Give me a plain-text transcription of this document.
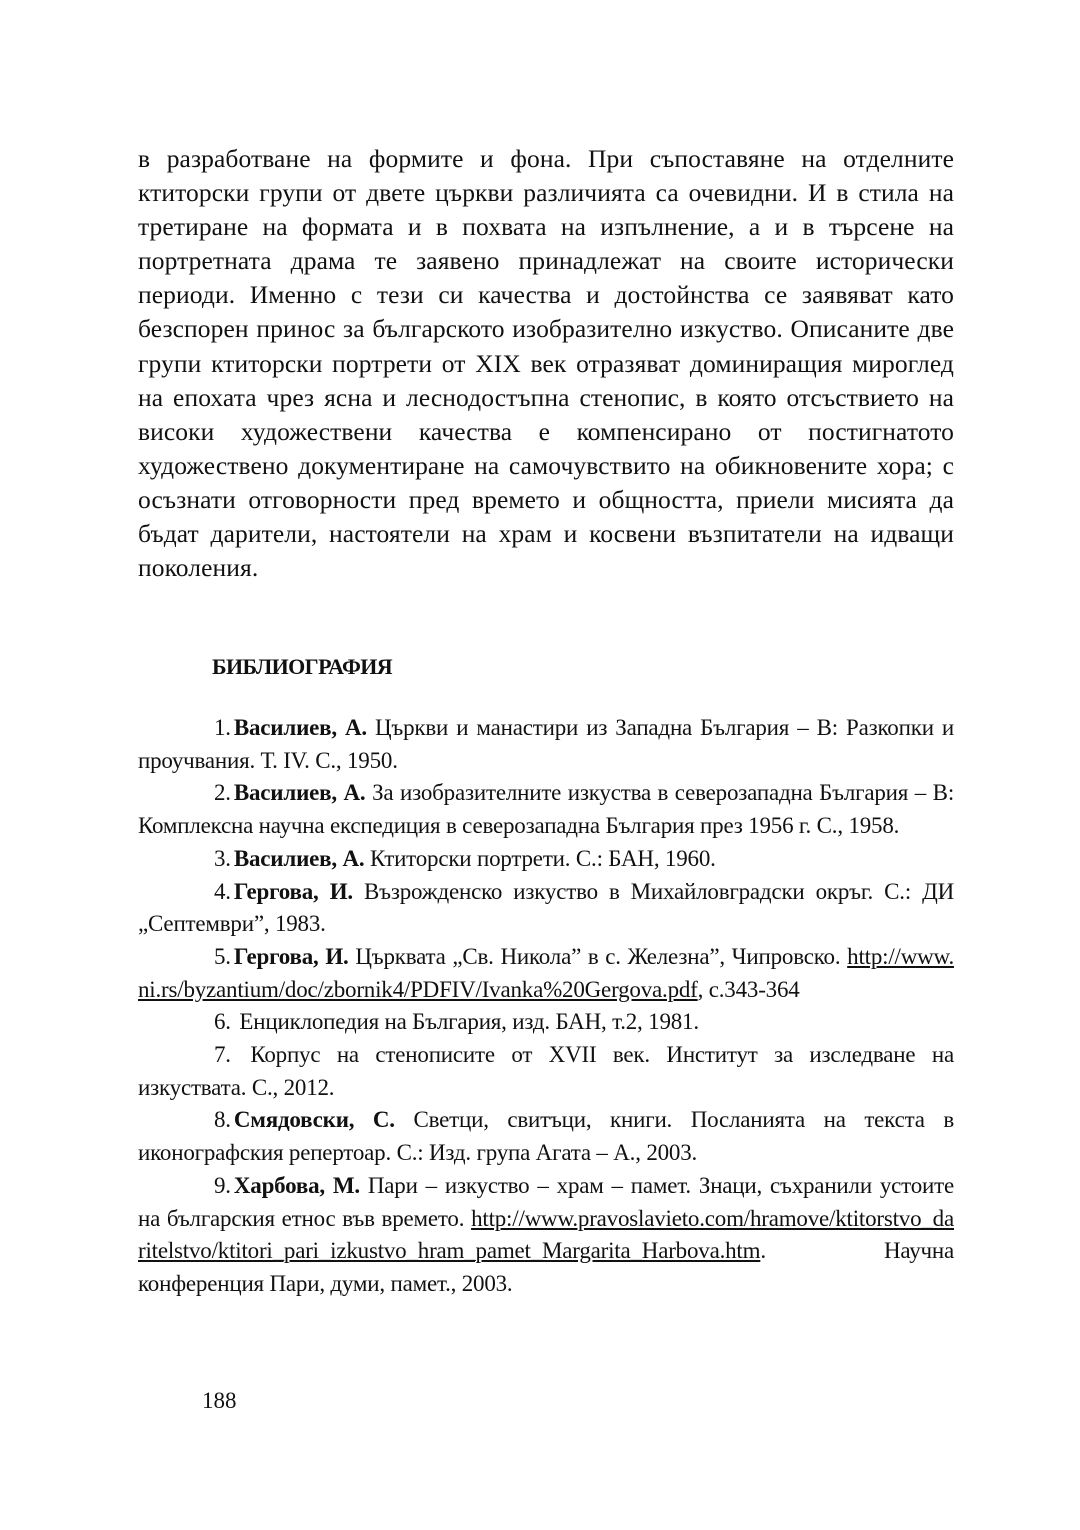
в разработване на формите и фона. При съпоставяне на отделните ктиторски групи от двете църкви различията са очевидни. И в стила на третиране на формата и в похвата на изпълнение, а и в търсене на портретната драма те заявено принадлежат на своите исторически периоди. Именно с тези си качества и достойнства се заявяват като безспорен принос за българското изобразително изкуство. Описаните две групи ктиторски портрети от XIX век отразяват доминиращия мироглед на епохата чрез ясна и леснодостъпна стенопис, в която отсъствието на високи художествени качества е компенсирано от постигнатото художествено документиране на самочувствито на обикновените хора; с осъзнати отговорности пред времето и общността, приели мисията да бъдат дарители, настоятели на храм и косвени възпитатели на идващи поколения.

БИБЛИОГРАФИЯ
1. Василиев, А. Църкви и манастири из Западна България – В: Разкопки и проучвания. Т. IV. С., 1950.
2. Василиев, А. За изобразителните изкуства в северозападна България – В: Комплексна научна експедиция в северозападна България през 1956 г. С., 1958.
3. Василиев, А. Ктиторски портрети. С.: БАН, 1960.
4. Гергова, И. Възрожденско изкуство в Михайловградски окръг. С.: ДИ „Септември”, 1983.
5. Гергова, И. Църквата „Св. Никола” в с. Железна”, Чипровско. http://www.ni.rs/byzantium/doc/zbornik4/PDFIV/Ivanka%20Gergova.pdf, с.343-364
6. Енциклопедия на България, изд. БАН, т.2, 1981.
7. Корпус на стенописите от XVII век. Институт за изследване на изкуствата. С., 2012.
8. Смядовски, С. Светци, свитъци, книги. Посланията на текста в иконографския репертоар. С.: Изд. група Агата – А., 2003.
9. Харбова, М. Пари – изкуство – храм – памет. Знаци, съхранили устоите на българския етнос във времето. http://www.pravoslavieto.com/hramove/ktitorstvo_daritelstvo/ktitori_pari_izkustvo_hram_pamet_Margarita_Harbova.htm. Научна конференция Пари, думи, памет., 2003.
188
